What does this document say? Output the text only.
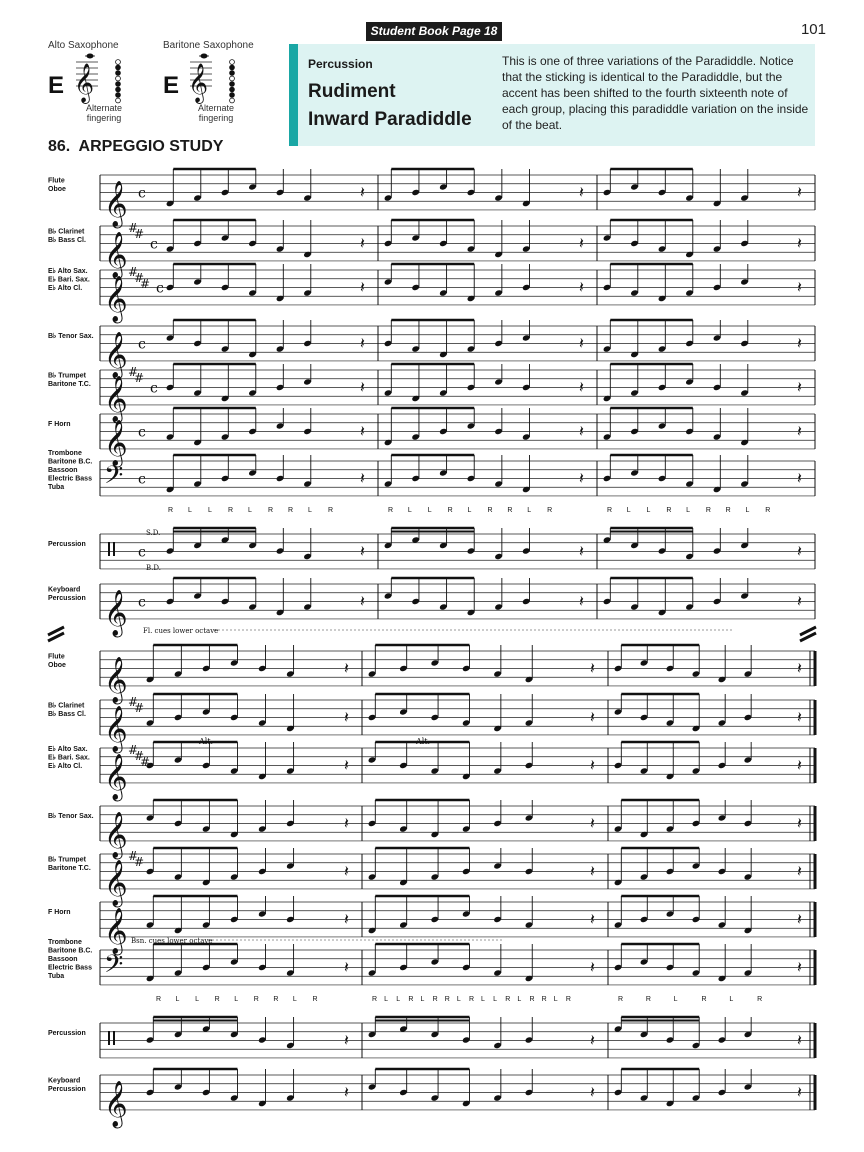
Student Book Page 18	101
Alto Saxophone
E
Alternate
fingering
Baritone Saxophone
E
Alternate
fingering
Percussion
Rudiment
Inward Paradiddle
This is one of three variations of the Paradiddle. Notice that the sticking is identical to the Paradiddle, but the accent has been shifted to the fourth sixteenth note of each group, placing this paradiddle variation on the inside of the beat.
86. ARPEGGIO STUDY
𝄞	𝄞
Flute
Oboe
B♭ Clarinet
B♭ Bass Cl.
E♭ Alto Sax.
E♭ Bari. Sax.
E♭ Alto Cl.
B♭ Tenor Sax.
B♭ Trumpet
Baritone T.C.
F Horn
Trombone
Baritone B.C.
Bassoon
Electric Bass
Tuba
Percussion
Keyboard
Percussion
R L L R L R R L R	R L L R L R R L R	R L L R L R R L R
𝄞 c	𝄽	𝄽	𝄽
𝄞
#
#
c	𝄽	𝄽	𝄽
𝄞
#
#
# c	𝄽	𝄽	𝄽
𝄞 c	𝄽	𝄽	𝄽
𝄞
#
#
c	𝄽	𝄽	𝄽
𝄞 c	𝄽	𝄽	𝄽
𝄢 c	𝄽	𝄽	𝄽
c	𝄽	𝄽	𝄽
𝄞 c	𝄽	𝄽	𝄽
Flute
Oboe
B♭ Clarinet
B♭ Bass Cl.
E♭ Alto Sax.
E♭ Bari. Sax.
E♭ Alto Cl.
B♭ Tenor Sax.
B♭ Trumpet
Baritone T.C.
F Horn
Trombone
Baritone B.C.
Bassoon
Electric Bass
Tuba
Percussion
Keyboard
Percussion
R L L R L R R L R	R L L R L R R L R L L R L R R L R	R	R	L	R	L	R
𝄞	𝄽	𝄽	𝄽
𝄞
#
#	𝄽	𝄽	𝄽
𝄞
#
#
#	𝄽	𝄽	𝄽
𝄞	𝄽	𝄽	𝄽
𝄞
#
#	𝄽	𝄽	𝄽
𝄞	𝄽	𝄽	𝄽
𝄢	𝄽	𝄽	𝄽
𝄽	𝄽	𝄽
𝄞	𝄽	𝄽	𝄽
S.D.
B.D.
Fl. cues lower octave
Bsn. cues lower octave
Alt.	Alt.
